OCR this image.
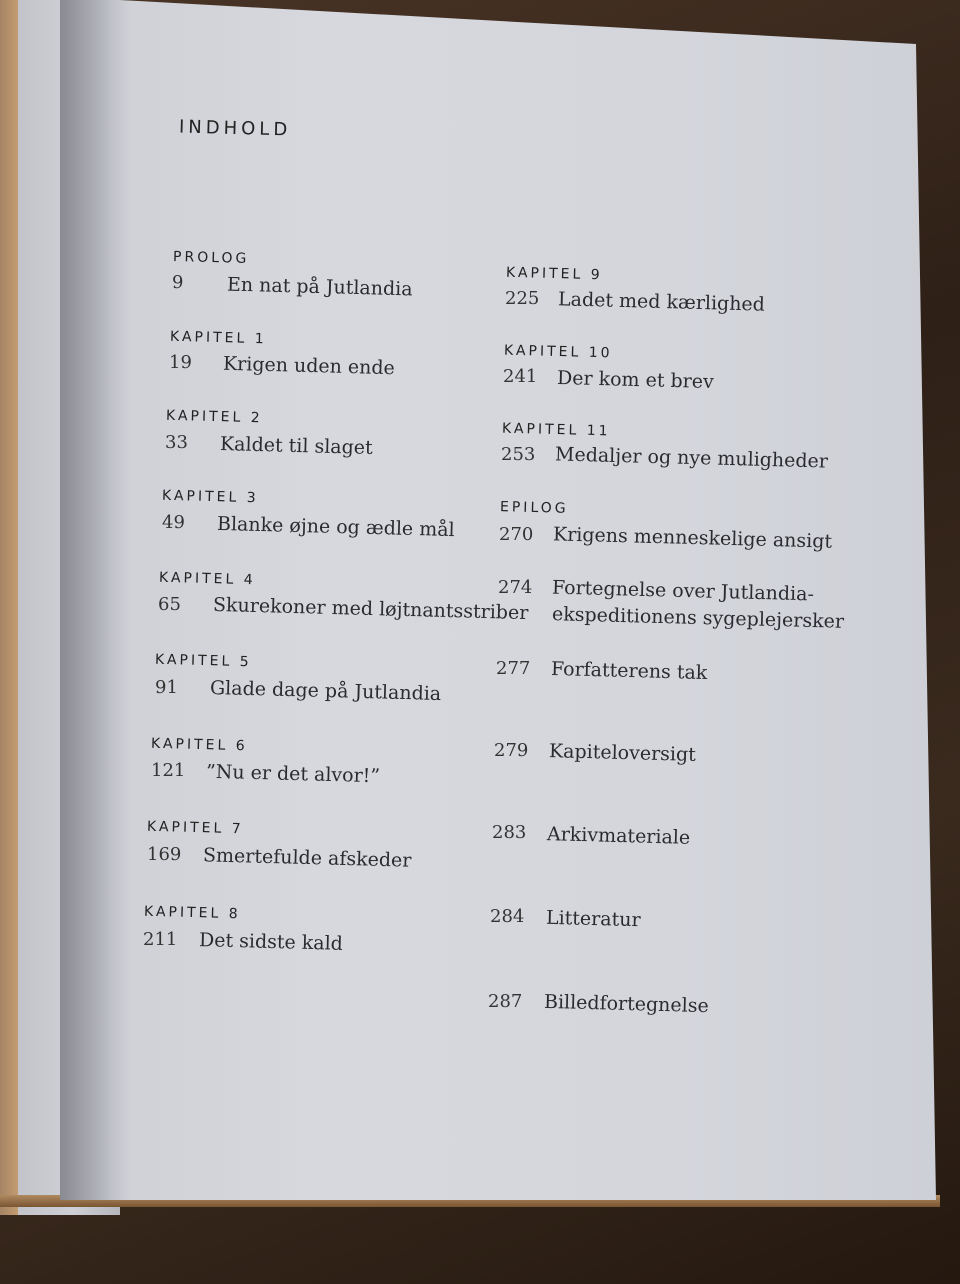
INDHOLD
PROLOG
9 En nat på Jutlandia
KAPITEL 1
19 Krigen uden ende
KAPITEL 2
33 Kaldet til slaget
KAPITEL 3
49 Blanke øjne og ædle mål
KAPITEL 4
65 Skurekoner med løjtnantsstriber
KAPITEL 5
91 Glade dage på Jutlandia
KAPITEL 6
121 ”Nu er det alvor!”
KAPITEL 7
169 Smertefulde afskeder
KAPITEL 8
211 Det sidste kald
KAPITEL 9
225 Ladet med kærlighed
KAPITEL 10
241 Der kom et brev
KAPITEL 11
253 Medaljer og nye muligheder
EPILOG
270 Krigens menneskelige ansigt
274 Fortegnelse over Jutlandia-
ekspeditionens sygeplejersker
277 Forfatterens tak
279 Kapiteloversigt
283 Arkivmateriale
284 Litteratur
287 Billedfortegnelse
